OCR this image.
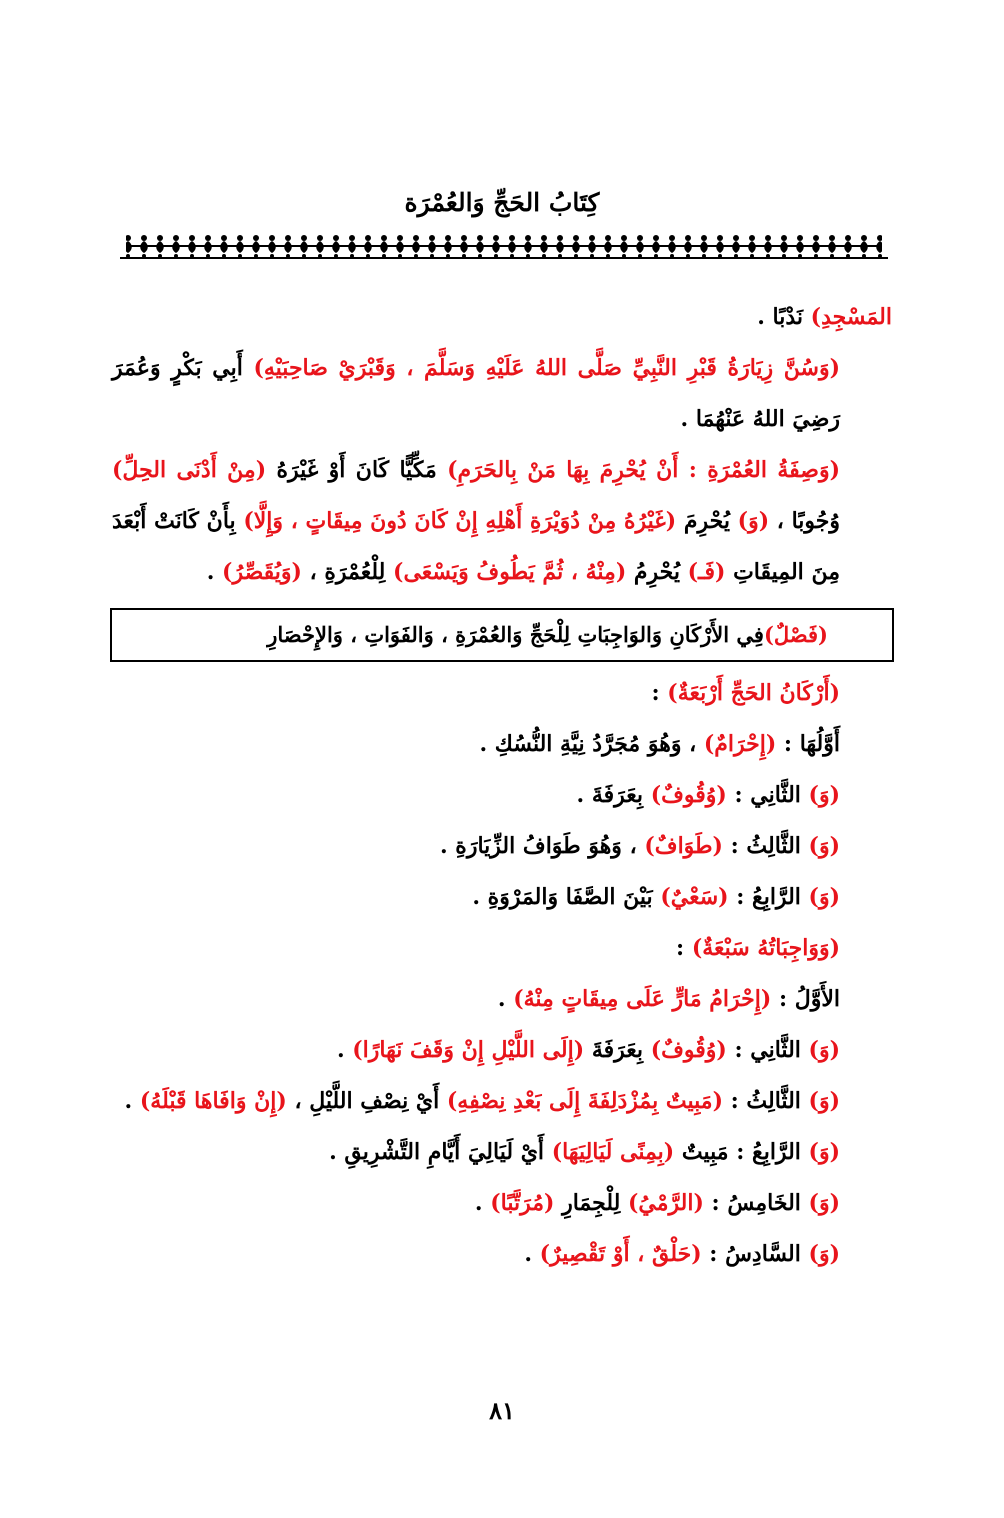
كِتَابُ الحَجِّ وَالعُمْرَة

المَسْجِدِ) نَدْبًا .

(وَسُنَّ زِيَارَةُ قَبْرِ النَّبِيِّ صَلَّى اللهُ عَلَيْهِ وَسَلَّمَ ، وَقَبْرَيْ صَاحِبَيْهِ) أَبِي بَكْرٍ وَعُمَرَ رَضِيَ اللهُ عَنْهُمَا .

(وَصِفَةُ العُمْرَةِ : أَنْ يُحْرِمَ بِهَا مَنْ بِالحَرَمِ) مَكِّيًّا كَانَ أَوْ غَيْرَهُ (مِنْ أَدْنَى الحِلِّ) وُجُوبًا ، (وَ) يُحْرِمَ (غَيْرُهُ مِنْ دُوَيْرَةِ أَهْلِهِ إِنْ كَانَ دُونَ مِيقَاتٍ ، وَإِلَّا) بِأَنْ كَانَتْ أَبْعَدَ مِنَ المِيقَاتِ (فَـ) يُحْرِمُ (مِنْهُ ، ثُمَّ يَطُوفُ وَيَسْعَى) لِلْعُمْرَةِ ، (وَيُقَصِّرُ) .

(فَصْلٌ)
فِي الأَرْكَانِ وَالوَاجِبَاتِ لِلْحَجِّ وَالعُمْرَةِ ، وَالفَوَاتِ ، وَالإِحْصَارِ

(أَرْكَانُ الحَجِّ أَرْبَعَةٌ) :

أَوَّلُهَا : (إِحْرَامٌ) ، وَهُوَ مُجَرَّدُ نِيَّةِ النُّسُكِ .

(وَ) الثَّانِي : (وُقُوفٌ) بِعَرَفَةَ .

(وَ) الثَّالِثُ : (طَوَافٌ) ، وَهُوَ طَوَافُ الزِّيَارَةِ .

(وَ) الرَّابِعُ : (سَعْيٌ) بَيْنَ الصَّفَا وَالمَرْوَةِ .

(وَوَاجِبَاتُهُ سَبْعَةٌ) :

الأَوَّلُ : (إِحْرَامُ مَارٍّ عَلَى مِيقَاتٍ مِنْهُ) .

(وَ) الثَّانِي : (وُقُوفٌ) بِعَرَفَةَ (إِلَى اللَّيْلِ إِنْ وَقَفَ نَهَارًا) .

(وَ) الثَّالِثُ : (مَبِيتٌ بِمُزْدَلِفَةَ إِلَى بَعْدِ نِصْفِهِ) أَيْ نِصْفِ اللَّيْلِ ، (إِنْ وَافَاهَا قَبْلَهُ) .

(وَ) الرَّابِعُ : مَبِيتٌ (بِمِنًى لَيَالِيَهَا) أَيْ لَيَالِيَ أَيَّامِ التَّشْرِيقِ .

(وَ) الخَامِسُ : (الرَّمْيُ) لِلْجِمَارِ (مُرَتَّبًا) .

(وَ) السَّادِسُ : (حَلْقٌ ، أَوْ تَقْصِيرٌ) .

٨١
